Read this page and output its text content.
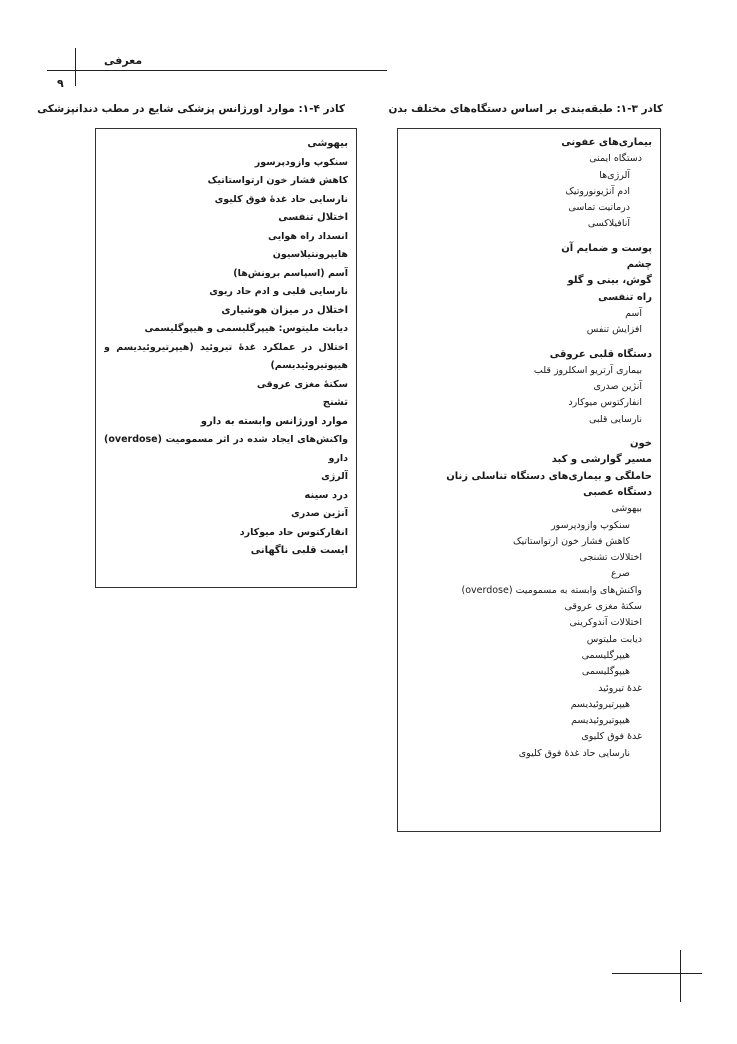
معرفی
۹
کادر ۳-۱: طبقه‌بندی بر اساس دستگاه‌های مختلف بدن
کادر ۴-۱: موارد اورژانس پزشکی شایع در مطب دندانپزشکی
بیماری‌های عفونی
دستگاه ایمنی
آلرژی‌ها
ادم آنژیونوروتیک
درماتیت تماسی
آنافیلاکسی
پوست و ضمایم آن
چشم
گوش، بینی و گلو
راه تنفسی
آسم
افزایش تنفس
دستگاه قلبی عروقی
بیماری آرتریو اسکلروز قلب
آنژین صدری
انفارکتوس میوکارد
نارسایی قلبی
خون
مسیر گوارشی و کبد
حاملگی و بیماری‌های دستگاه تناسلی زنان
دستگاه عصبی
بیهوشی
سنکوپ وازودپرسور
کاهش فشار خون ارتواستاتیک
اختلالات تشنجی
صرع
واکنش‌های وابسته به مسمومیت (overdose)
سکتهٔ مغزی عروقی
اختلالات آندوکرینی
دیابت ملیتوس
هیپرگلیسمی
هیپوگلیسمی
غدهٔ تیروئید
هیپرتیروئیدیسم
هیپوتیروئیدیسم
غدهٔ فوق کلیوی
نارسایی حاد غدهٔ فوق کلیوی
بیهوشی
سنکوپ وازودپرسور
کاهش فشار خون ارتواستاتیک
نارسایی حاد غدهٔ فوق کلیوی
اختلال تنفسی
انسداد راه هوایی
هایپرونتیلاسیون
آسم (اسپاسم برونش‌ها)
نارسایی قلبی و ادم حاد ریوی
اختلال در میزان هوشیاری
دیابت ملیتوس: هیپرگلیسمی و هیپوگلیسمی
اختلال در عملکرد غدهٔ تیروئید (هیپرتیروئیدیسم و
هیپوتیروئیدیسم)
سکتهٔ مغزی عروقی
تشنج
موارد اورژانس وابسته به دارو
واکنش‌های ایجاد شده در اثر مسمومیت (overdose)
دارو
آلرژی
درد سینه
آنژین صدری
انفارکتوس حاد میوکارد
ایست قلبی ناگهانی
